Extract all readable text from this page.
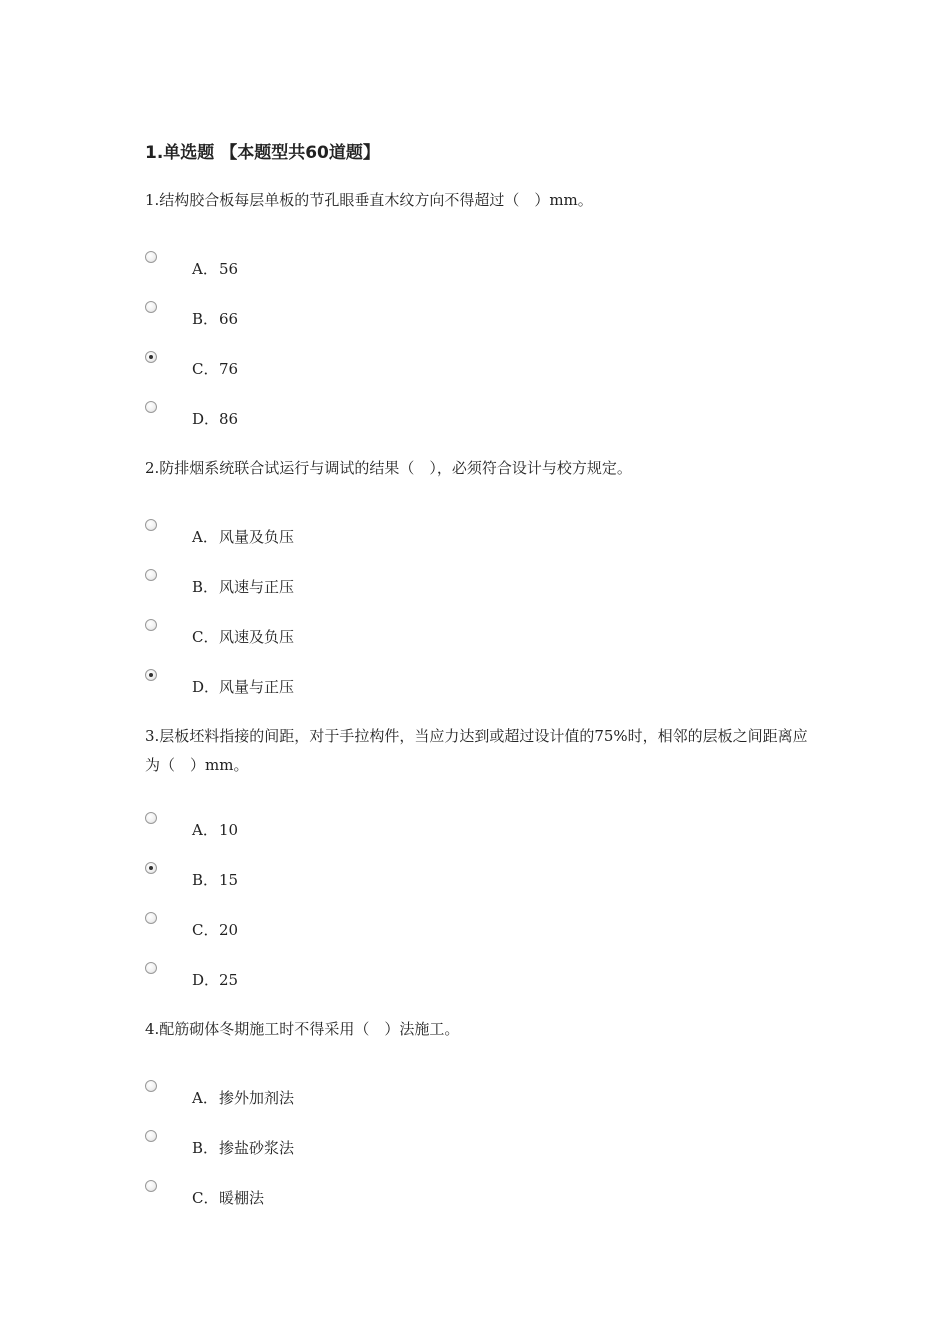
1.单选题 【本题型共60道题】
1.结构胶合板每层单板的节孔眼垂直木纹方向不得超过（　）mm。
A．56
B．66
C．76
D．86
2.防排烟系统联合试运行与调试的结果（　），必须符合设计与校方规定。
A．风量及负压
B．风速与正压
C．风速及负压
D．风量与正压
3.层板坯料指接的间距，对于手拉构件，当应力达到或超过设计值的75%时，相邻的层板之间距离应为（　）mm。
A．10
B．15
C．20
D．25
4.配筋砌体冬期施工时不得采用（　）法施工。
A．掺外加剂法
B．掺盐砂浆法
C．暖棚法
